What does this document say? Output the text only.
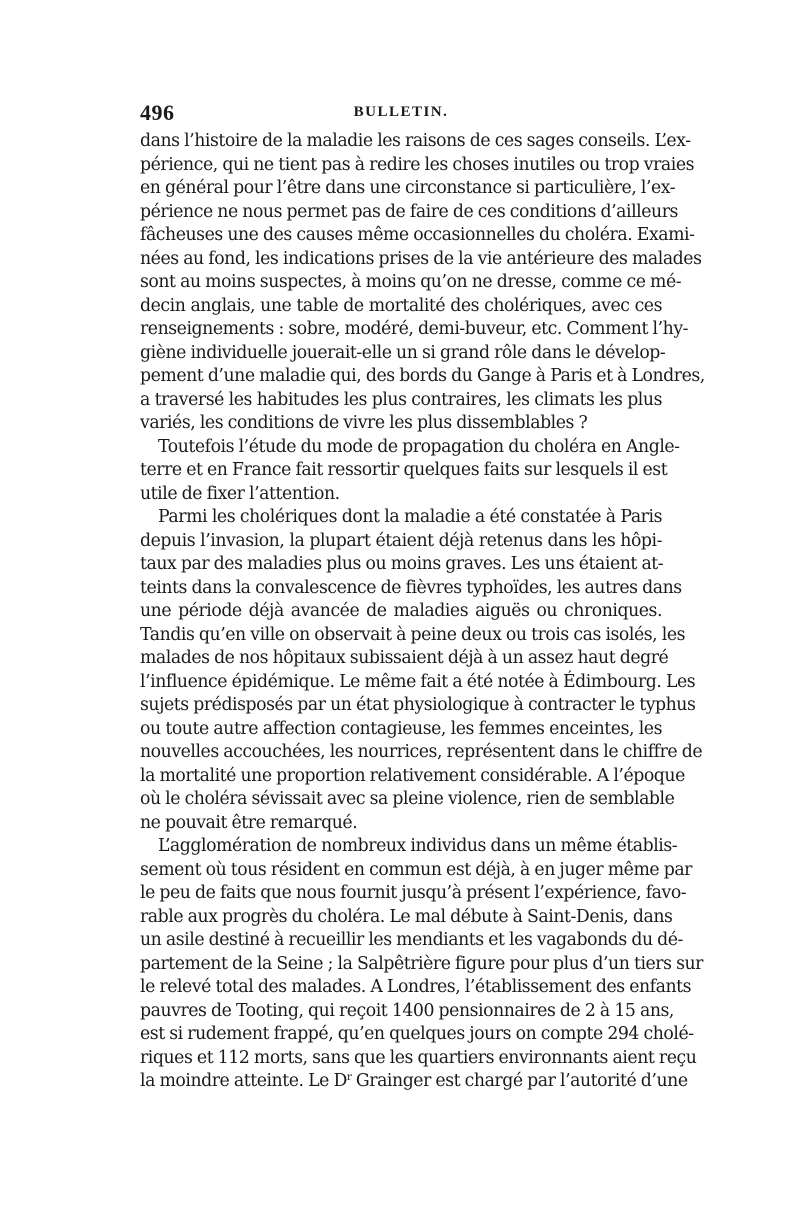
496	BULLETIN.
dans l’histoire de la maladie les raisons de ces sages conseils. L’ex-
périence, qui ne tient pas à redire les choses inutiles ou trop vraies
en général pour l’être dans une circonstance si particulière, l’ex-
périence ne nous permet pas de faire de ces conditions d’ailleurs
fâcheuses une des causes même occasionnelles du choléra. Exami-
nées au fond, les indications prises de la vie antérieure des malades
sont au moins suspectes, à moins qu’on ne dresse, comme ce mé-
decin anglais, une table de mortalité des cholériques, avec ces
renseignements : sobre, modéré, demi-buveur, etc. Comment l’hy-
giène individuelle jouerait-elle un si grand rôle dans le dévelop-
pement d’une maladie qui, des bords du Gange à Paris et à Londres,
a traversé les habitudes les plus contraires, les climats les plus
variés, les conditions de vivre les plus dissemblables ?
Toutefois l’étude du mode de propagation du choléra en Angle-
terre et en France fait ressortir quelques faits sur lesquels il est
utile de fixer l’attention.
Parmi les cholériques dont la maladie a été constatée à Paris
depuis l’invasion, la plupart étaient déjà retenus dans les hôpi-
taux par des maladies plus ou moins graves. Les uns étaient at-
teints dans la convalescence de fièvres typhoïdes, les autres dans
une période déjà avancée de maladies aiguës ou chroniques.
Tandis qu’en ville on observait à peine deux ou trois cas isolés, les
malades de nos hôpitaux subissaient déjà à un assez haut degré
l’influence épidémique. Le même fait a été notée à Édimbourg. Les
sujets prédisposés par un état physiologique à contracter le typhus
ou toute autre affection contagieuse, les femmes enceintes, les
nouvelles accouchées, les nourrices, représentent dans le chiffre de
la mortalité une proportion relativement considérable. A l’époque
où le choléra sévissait avec sa pleine violence, rien de semblable
ne pouvait être remarqué.
L’agglomération de nombreux individus dans un même établis-
sement où tous résident en commun est déjà, à en juger même par
le peu de faits que nous fournit jusqu’à présent l’expérience, favo-
rable aux progrès du choléra. Le mal débute à Saint-Denis, dans
un asile destiné à recueillir les mendiants et les vagabonds du dé-
partement de la Seine ; la Salpêtrière figure pour plus d’un tiers sur
le relevé total des malades. A Londres, l’établissement des enfants
pauvres de Tooting, qui reçoit 1400 pensionnaires de 2 à 15 ans,
est si rudement frappé, qu’en quelques jours on compte 294 cholé-
riques et 112 morts, sans que les quartiers environnants aient reçu
la moindre atteinte. Le $D^r$ Grainger est chargé par l’autorité d’une
